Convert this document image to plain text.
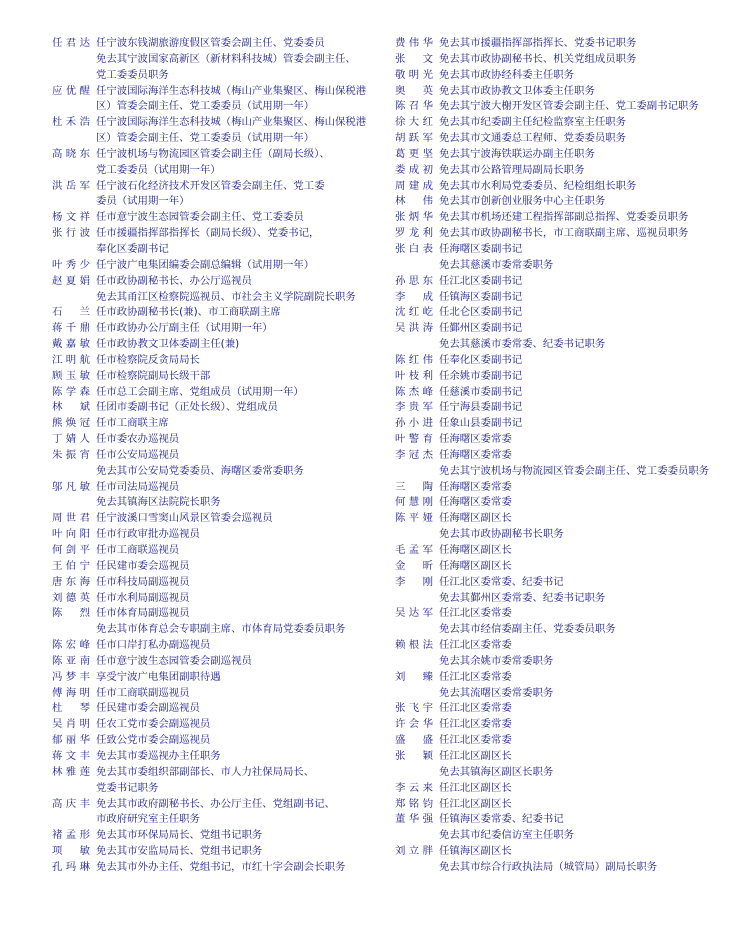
任君达 任宁波东钱湖旅游度假区管委会副主任、党委委员
免去其宁波国家高新区（新材料科技城）管委会副主任、
党工委委员职务
应优醒 任宁波国际海洋生态科技城（梅山产业集聚区、梅山保税港
区）管委会副主任、党工委委员（试用期一年）
杜禾浩 任宁波国际海洋生态科技城（梅山产业集聚区、梅山保税港
区）管委会副主任、党工委委员（试用期一年）
高晓东 任宁波机场与物流园区管委会副主任（副局长级）、
党工委委员（试用期一年）
洪岳军 任宁波石化经济技术开发区管委会副主任、党工委
委员（试用期一年）
杨文祥 任市意宁波生态园管委会副主任、党工委委员
张行波 任市援疆指挥部指挥长（副局长级）、党委书记，
奉化区委副书记
叶秀少 任宁波广电集团编委会副总编辑（试用期一年）
赵夏娟 任市政协副秘书长、办公厅巡视员
免去其甬江区检察院巡视员、市社会主义学院副院长职务
石　兰 任市政协副秘书长(兼)、市工商联副主席
蒋千鼎 任市政协办公厅副主任（试用期一年）
戴嘉敏 任市政协教文卫体委副主任(兼)
江明航 任市检察院反贪局局长
顾玉敏 任市检察院副局长级干部
陈学森 任市总工会副主席、党组成员（试用期一年）
林　斌 任团市委副书记（正处长级）、党组成员
熊焕冠 任市工商联主席
丁婧人 任市委农办巡视员
朱振宵 任市公安局巡视员
免去其市公安局党委委员、海曙区委常委职务
邬凡敏 任市司法局巡视员
免去其镇海区法院院长职务
周世君 任宁波溪口雪窦山风景区管委会巡视员
叶向阳 任市行政审批办巡视员
何剑平 任市工商联巡视员
王伯宁 任民建市委会巡视员
唐东海 任市科技局副巡视员
刘德英 任市水利局副巡视员
陈　烈 任市体育局副巡视员
免去其市体育总会专职副主席、市体育局党委委员职务
陈宏峰 任市口岸打私办副巡视员
陈亚南 任市意宁波生态园管委会副巡视员
冯梦丰 享受宁波广电集团副职待遇
傅海明 任市工商联副巡视员
杜　琴 任民建市委会副巡视员
吴肖明 任农工党市委会副巡视员
郁丽华 任致公党市委会副巡视员
蒋文丰 免去其市委巡视办主任职务
林雅莲 免去其市委组织部副部长、市人力社保局局长、
党委书记职务
高庆丰 免去其市政府副秘书长、办公厅主任、党组副书记、
市政府研究室主任职务
褚孟形 免去其市环保局局长、党组书记职务
项　敏 免去其市安监局局长、党组书记职务
孔玛琳 免去其市外办主任、党组书记，市红十字会副会长职务
费伟华 免去其市援疆指挥部指挥长、党委书记职务
张　文 免去其市政协副秘书长、机关党组成员职务
敬明光 免去其市政协经科委主任职务
奥　英 免去其市政协教文卫体委主任职务
陈召华 免去其宁波大榭开发区管委会副主任、党工委副书记职务
徐大红 免去其市纪委副主任纪检监察室主任职务
胡跃军 免去其市文通委总工程师、党委委员职务
葛更坚 免去其宁波海铁联运办副主任职务
娄成初 免去其市公路管理局副局长职务
周建成 免去其市水利局党委委员、纪检组组长职务
林　伟 免去其市创新创业服务中心主任职务
张炳华 免去其市机场还建工程指挥部副总指挥、党委委员职务
罗龙利 免去其市政协副秘书长，市工商联副主席、巡视员职务
张白表 任海曙区委副书记
免去其慈溪市委常委职务
孙思东 任江北区委副书记
李　成 任镇海区委副书记
沈红屹 任北仑区委副书记
吴洪涛 任鄞州区委副书记
免去其慈溪市委常委、纪委书记职务
陈红伟 任奉化区委副书记
叶枝利 任余姚市委副书记
陈杰峰 任慈溪市委副书记
李贵军 任宁海县委副书记
孙小进 任象山县委副书记
叶警育 任海曙区委常委
李冠杰 任海曙区委常委
免去其宁波机场与物流园区管委会副主任、党工委委员职务
三　陶 任海曙区委常委
何慧刚 任海曙区委常委
陈平娅 任海曙区副区长
免去其市政协副秘书长职务
毛孟军 任海曙区副区长
金　昕 任海曙区副区长
李　刚 任江北区委常委、纪委书记
免去其鄞州区委常委、纪委书记职务
吴达军 任江北区委常委
免去其市经信委副主任、党委委员职务
赖根法 任江北区委常委
免去其余姚市委常委职务
刘　臻 任江北区委常委
免去其流曙区委常委职务
张飞宇 任江北区委常委
许会华 任江北区委常委
盛　盛 任江北区委常委
张　颖 任江北区副区长
免去其镇海区副区长职务
李云来 任江北区副区长
郑铭钧 任江北区副区长
董华强 任镇海区委常委、纪委书记
免去其市纪委信访室主任职务
刘立胖 任镇海区副区长
免去其市综合行政执法局（城管局）副局长职务
